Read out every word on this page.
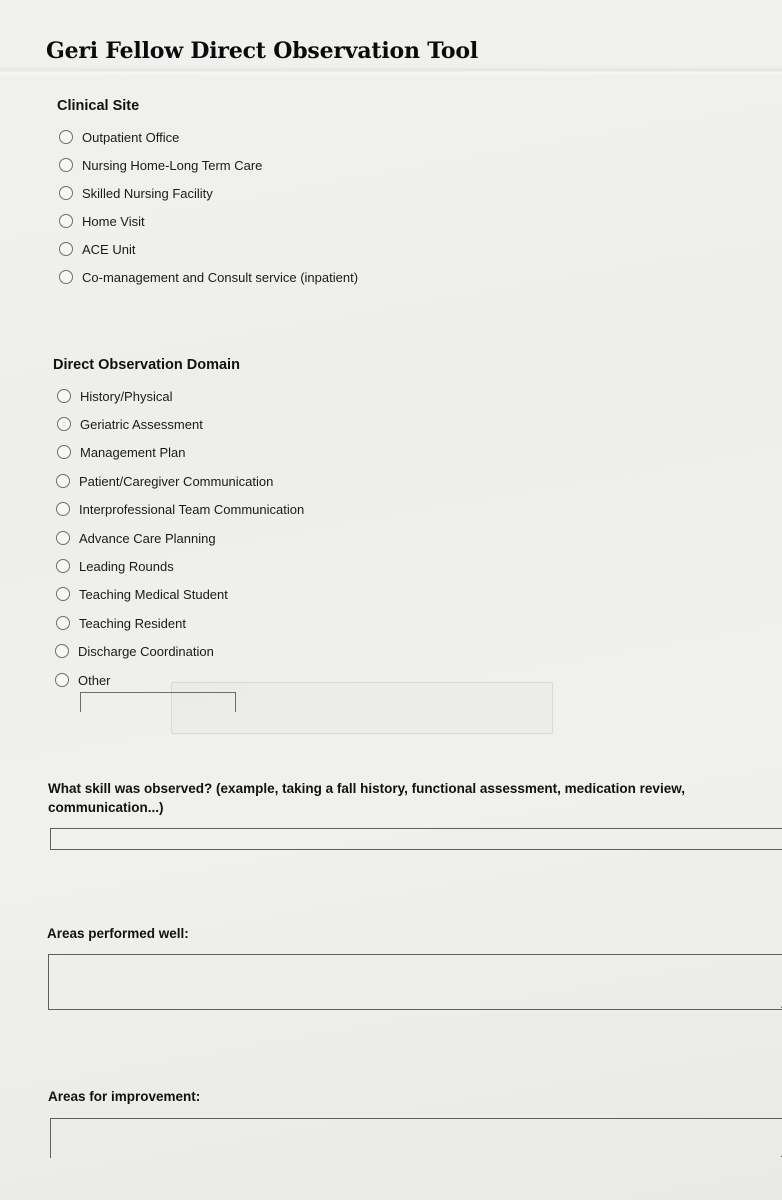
Geri Fellow Direct Observation Tool
Clinical Site
Outpatient Office
Nursing Home-Long Term Care
Skilled Nursing Facility
Home Visit
ACE Unit
Co-management and Consult service (inpatient)
Direct Observation Domain
History/Physical
Geriatric Assessment
Management Plan
Patient/Caregiver Communication
Interprofessional Team Communication
Advance Care Planning
Leading Rounds
Teaching Medical Student
Teaching Resident
Discharge Coordination
Other

What skill was observed? (example, taking a fall history, functional assessment, medication review, communication...)

Areas performed well:

Areas for improvement:
